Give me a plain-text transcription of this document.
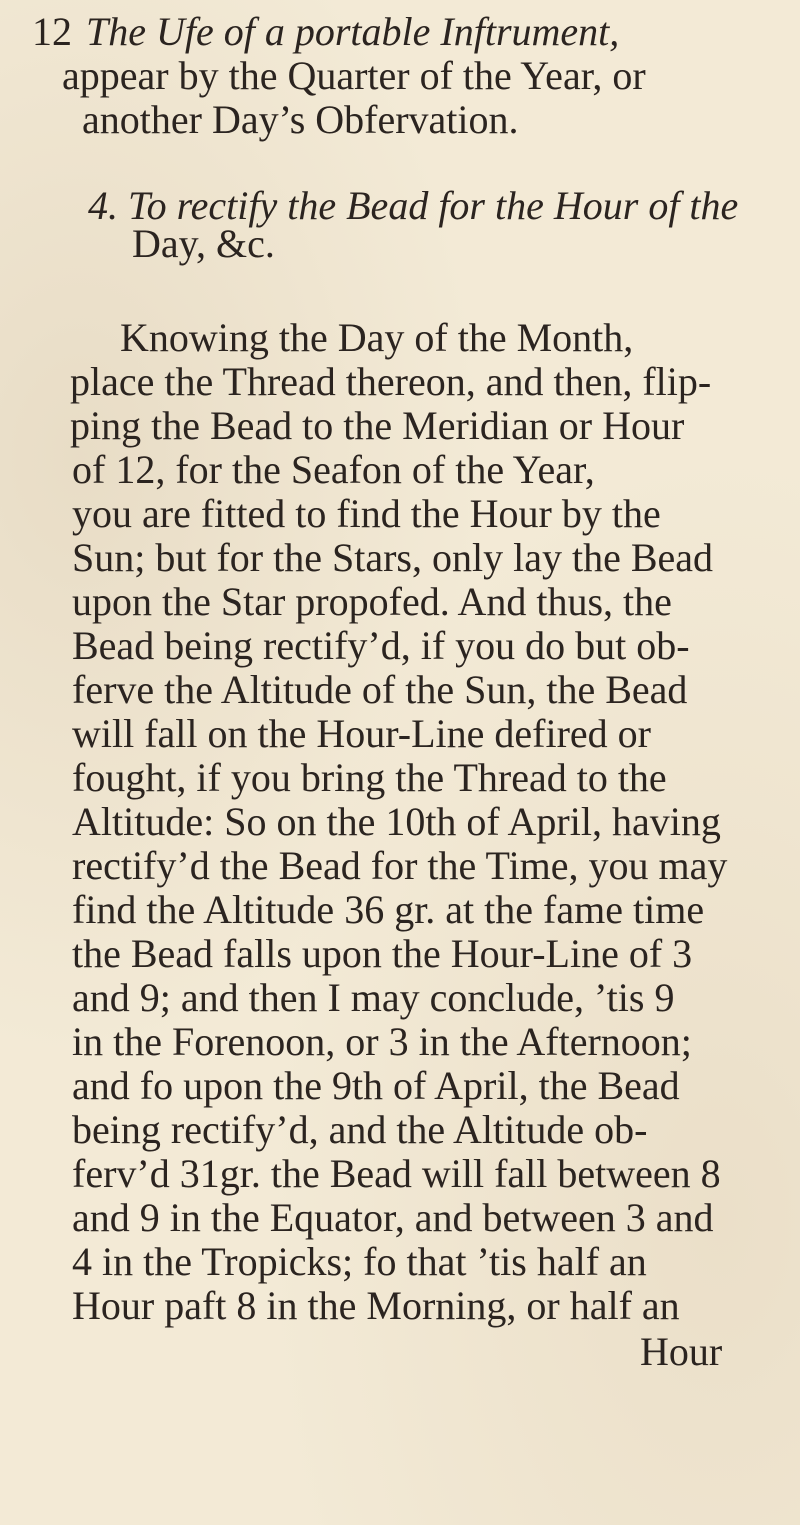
12 The Ufe of a portable Inftrument,
appear by the Quarter of the Year, or
another Day’s Obfervation.
4. To rectify the Bead for the Hour of the
Day, &c.
Knowing the Day of the Month,
place the Thread thereon, and then, flip-
ping the Bead to the Meridian or Hour
of 12, for the Seafon of the Year,
you are fitted to find the Hour by the
Sun; but for the Stars, only lay the Bead
upon the Star propofed. And thus, the
Bead being rectify’d, if you do but ob-
ferve the Altitude of the Sun, the Bead
will fall on the Hour-Line defired or
fought, if you bring the Thread to the
Altitude: So on the 10th of April, having
rectify’d the Bead for the Time, you may
find the Altitude 36 gr. at the fame time
the Bead falls upon the Hour-Line of 3
and 9; and then I may conclude, ’tis 9
in the Forenoon, or 3 in the Afternoon;
and fo upon the 9th of April, the Bead
being rectify’d, and the Altitude ob-
ferv’d 31gr. the Bead will fall between 8
and 9 in the Equator, and between 3 and
4 in the Tropicks; fo that ’tis half an
Hour paft 8 in the Morning, or half an
Hour
